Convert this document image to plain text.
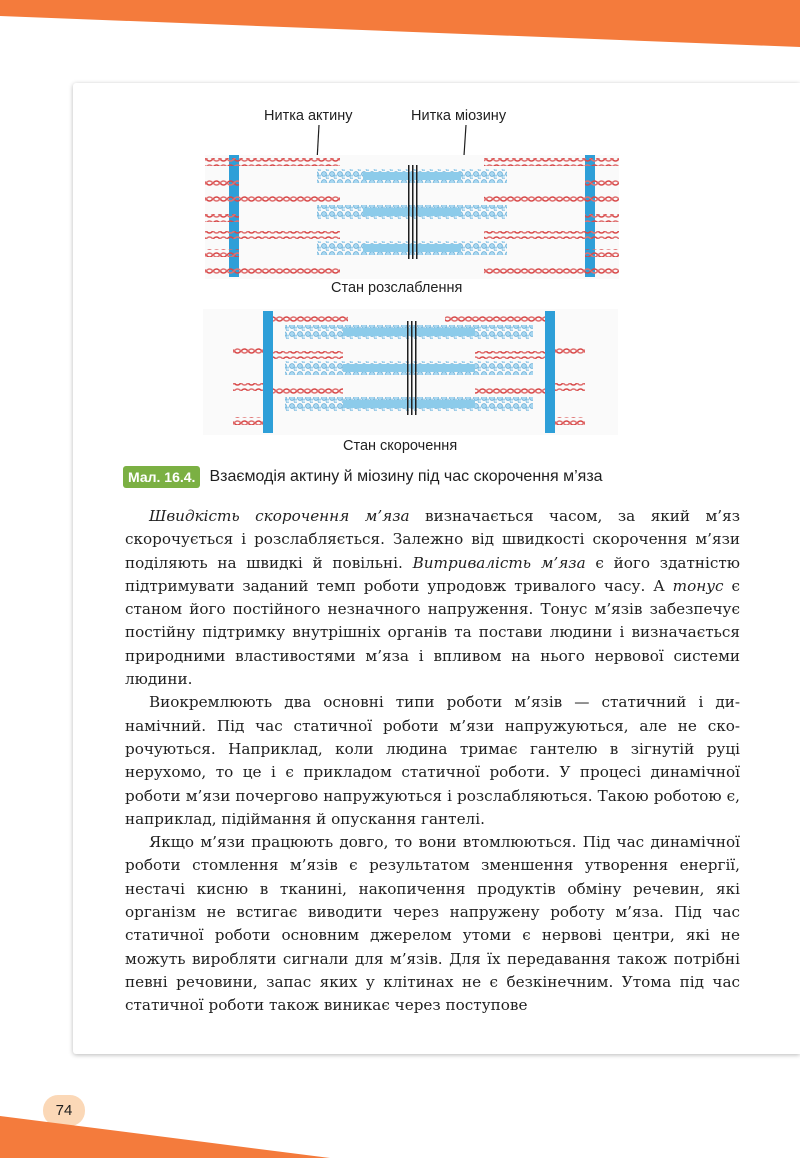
Нитка актину	Нитка міозину
Стан розслаблення
Стан скорочення
Мал. 16.4. Взаємодія актину й міозину під час скорочення м’яза

Швидкість скорочення м’яза визначається часом, за який м’яз скорочується і розслабляється. Залежно від швидкості скорочення м’язи поділяють на швидкі й повільні. Витривалість м’яза є його здатністю підтримувати заданий темп роботи упродовж тривалого часу. А тонус є станом його постійного незначного напруження. Тонус м’язів забезпечує постійну підтримку внутрішніх органів та постави людини і визначається природними властивостями м’яза і впливом на нього нервової системи людини.

Виокремлюють два основні типи роботи м’язів — статичний і динамічний. Під час статичної роботи м’язи напружуються, але не скорочуються. Наприклад, коли людина тримає гантелю в зігнутій руці нерухомо, то це і є прикладом статичної роботи. У процесі динамічної роботи м’язи почергово напружуються і розслабляються. Такою роботою є, наприклад, підіймання й опускання гантелі.

Якщо м’язи працюють довго, то вони втомлюються. Під час динамічної роботи стомлення м’язів є результатом зменшення утворення енергії, нестачі кисню в тканині, накопичення продуктів обміну речевин, які організм не встигає виводити через напружену роботу м’яза. Під час статичної роботи основним джерелом утоми є нервові центри, які не можуть виробляти сигнали для м’язів. Для їх передавання також потрібні певні речовини, запас яких у клітинах не є безкінечним. Утома під час статичної роботи також виникає через поступове

74
